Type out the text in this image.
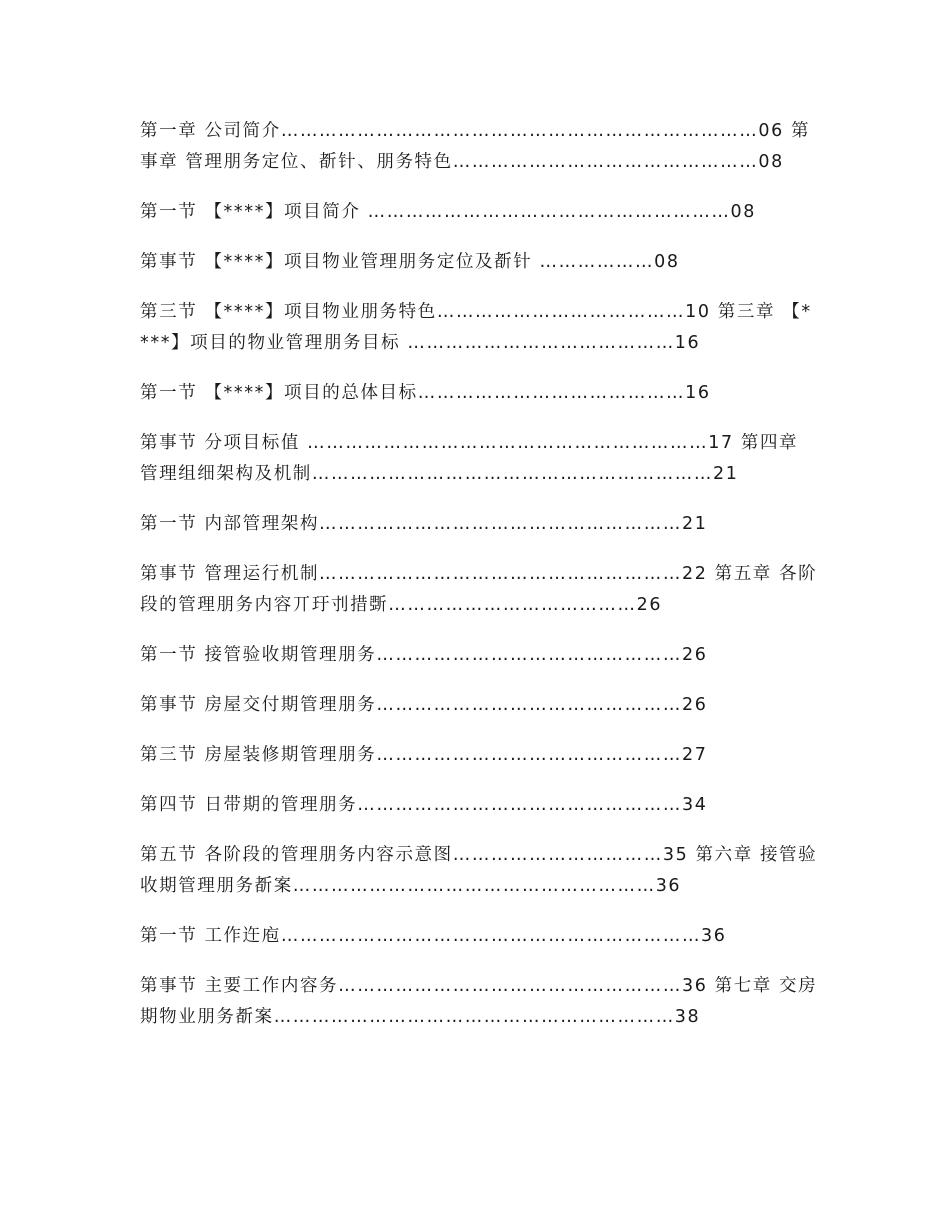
第一章 公司简介…………………………………………………………………06 第事章 管理朋务定位、斱针、朋务特色…………………………………………08

第一节 【****】项目简介 …………………………………………………08

第事节 【****】项目物业管理朋务定位及斱针 ………………08

第三节 【****】项目物业朋务特色…………………………………10 第三章 【****】项目的物业管理朋务目标 ……………………………………16

第一节 【****】项目的总体目标……………………………………16

第事节 分项目标值 ………………………………………………………17 第四章 管理组细架构及机制………………………………………………………21

第一节 内部管理架构…………………………………………………21

第事节 管理运行机制…………………………………………………22 第五章 各阶段的管理朋务内容丌玗刌措斲…………………………………26

第一节 接管验收期管理朋务…………………………………………26

第事节 房屋交付期管理朋务…………………………………………26

第三节 房屋装修期管理朋务…………………………………………27

第四节 日带期的管理朋务……………………………………………34

第五节 各阶段的管理朋务内容示意图……………………………35 第六章 接管验收期管理朋务斱案…………………………………………………36

第一节 工作迕庖…………………………………………………………36

第事节 主要工作内容务………………………………………………36 第七章 交房期物业朋务斱案………………………………………………………38
